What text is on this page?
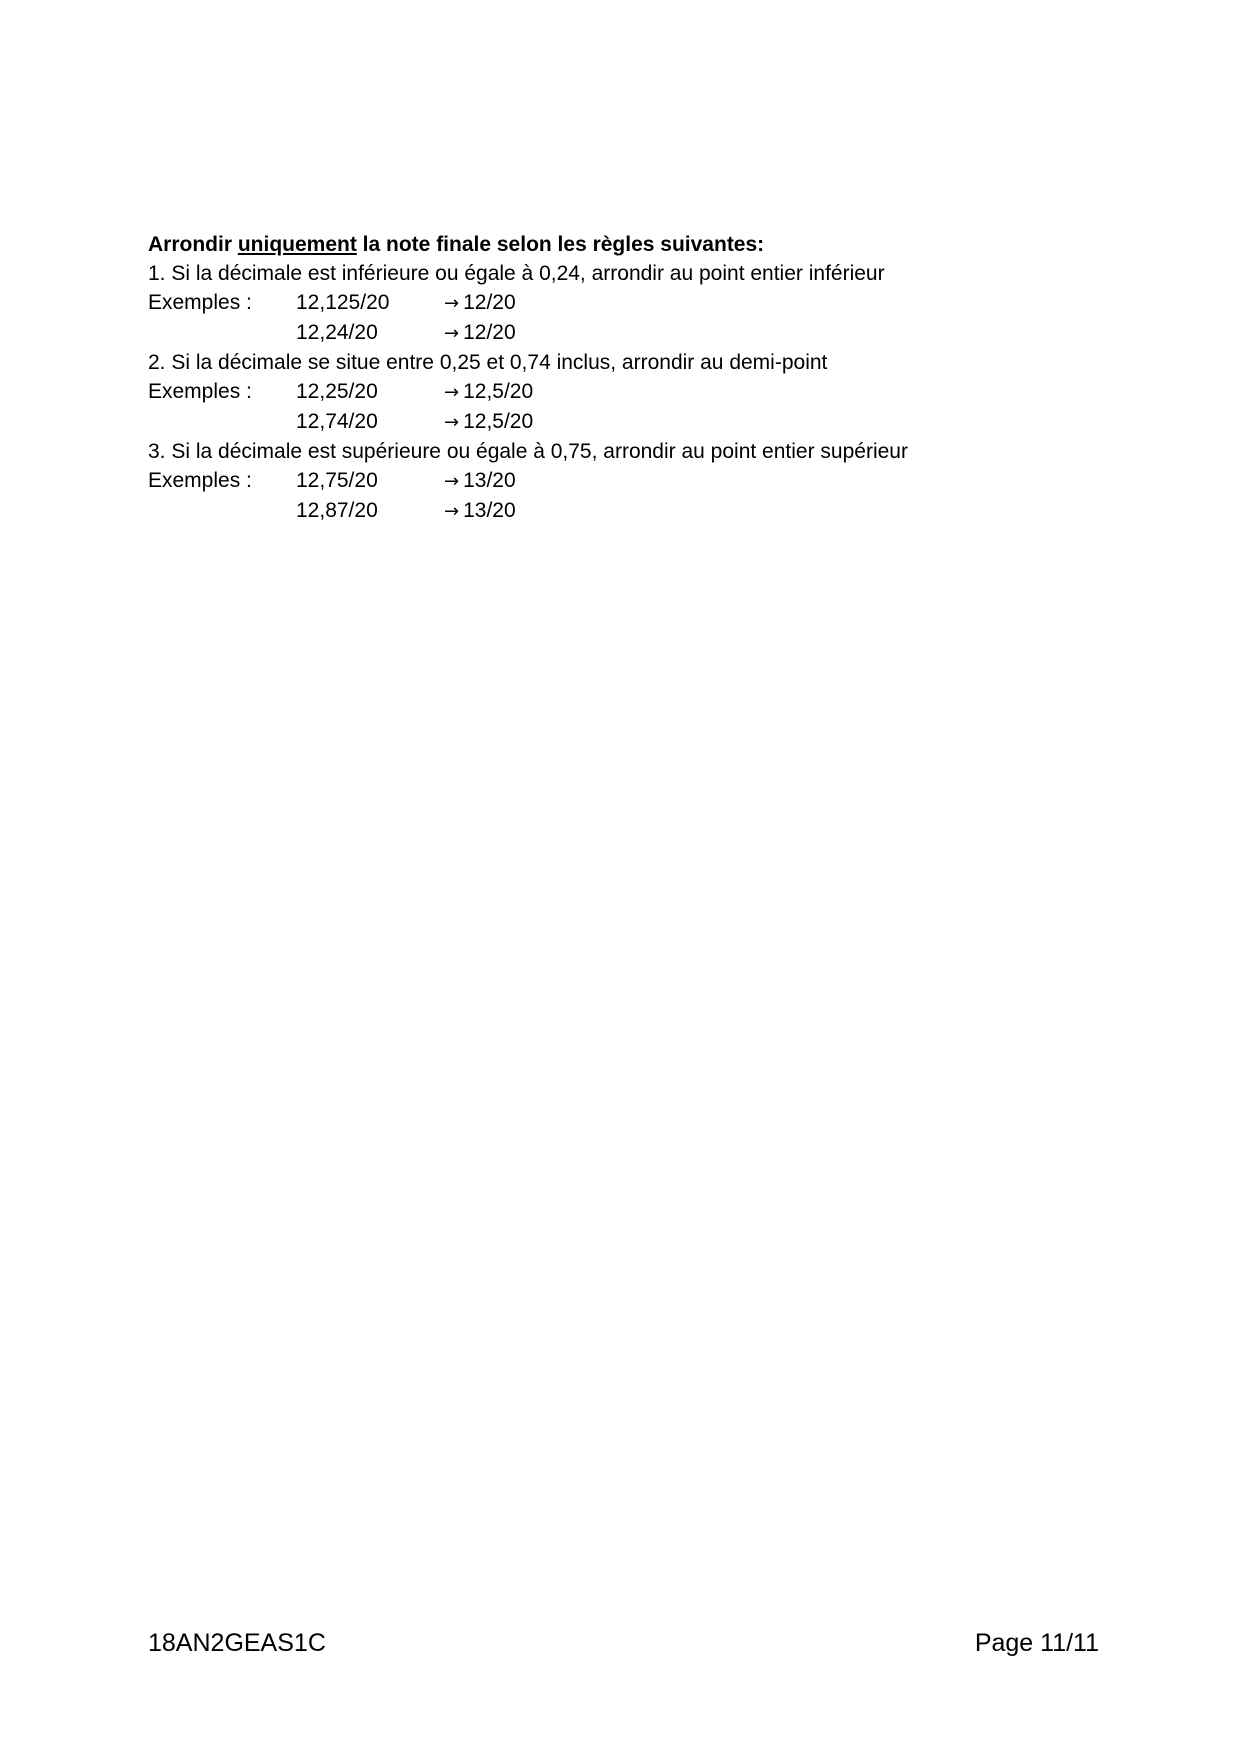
Arrondir uniquement la note finale selon les règles suivantes:
1. Si la décimale est inférieure ou égale à 0,24, arrondir au point entier inférieur
Exemples :	12,125/20	→ 12/20
12,24/20	→ 12/20
2. Si la décimale se situe entre 0,25 et 0,74 inclus, arrondir au demi-point
Exemples :	12,25/20	→ 12,5/20
12,74/20	→ 12,5/20
3. Si la décimale est supérieure ou égale à 0,75, arrondir au point entier supérieur
Exemples :	12,75/20	→ 13/20
12,87/20	→ 13/20
18AN2GEAS1C	Page 11/11
